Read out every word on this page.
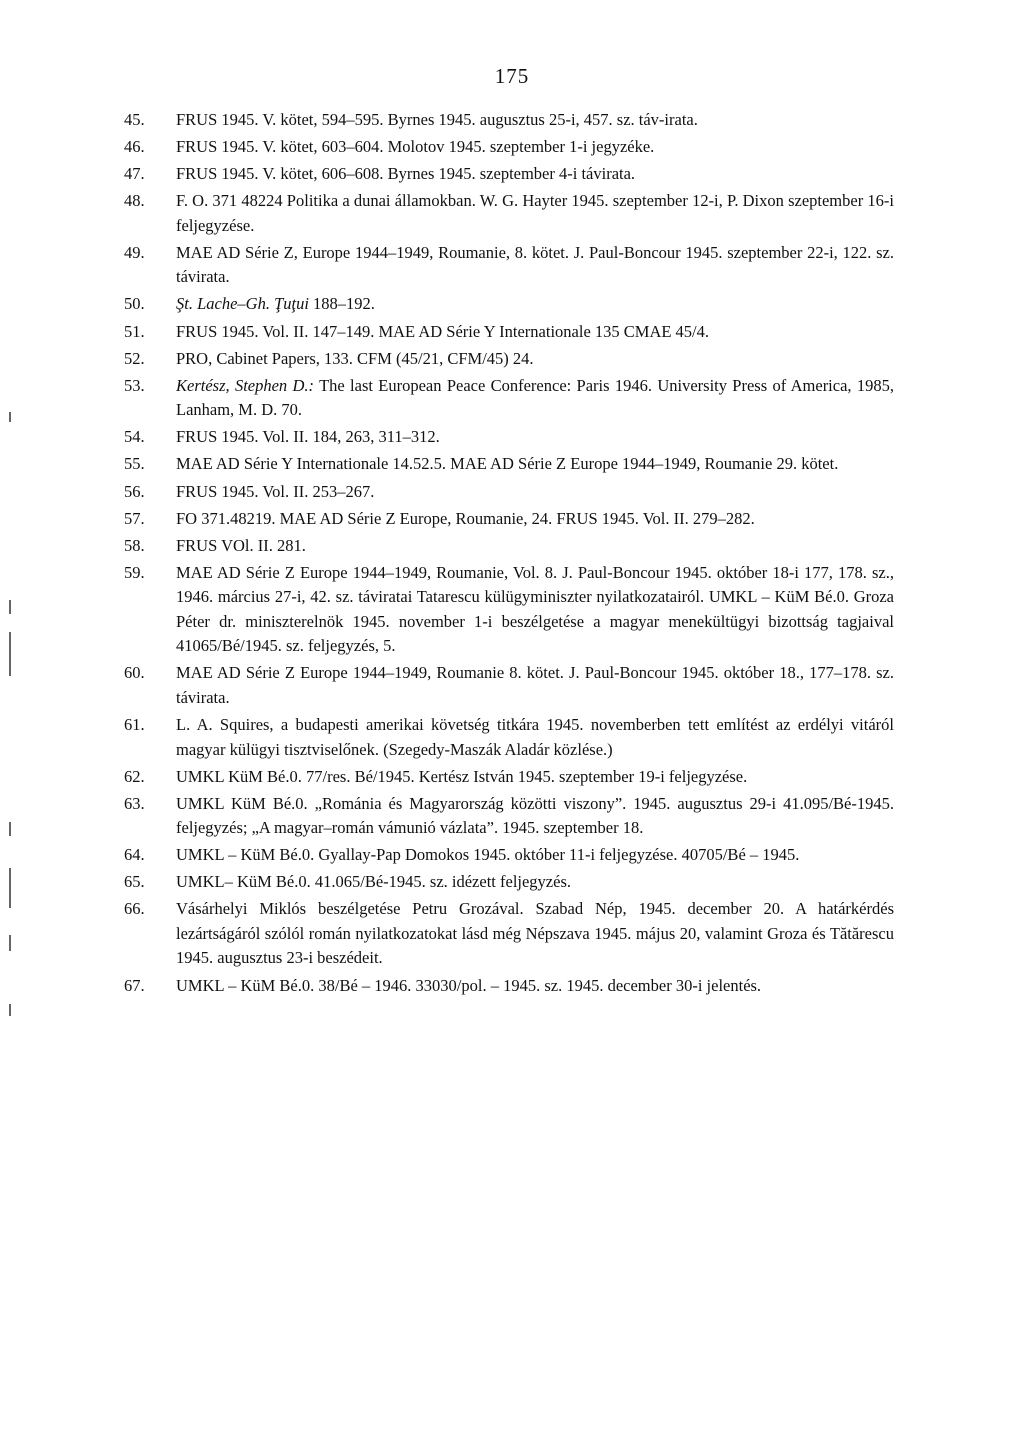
175
45. FRUS 1945. V. kötet, 594–595. Byrnes 1945. augusztus 25-i, 457. sz. táv-irata.
46. FRUS 1945. V. kötet, 603–604. Molotov 1945. szeptember 1-i jegyzéke.
47. FRUS 1945. V. kötet, 606–608. Byrnes 1945. szeptember 4-i távirata.
48. F. O. 371 48224 Politika a dunai államokban. W. G. Hayter 1945. szeptember 12-i, P. Dixon szeptember 16-i feljegyzése.
49. MAE AD Série Z, Europe 1944–1949, Roumanie, 8. kötet. J. Paul-Boncour 1945. szeptember 22-i, 122. sz. távirata.
50. Şt. Lache–Gh. Ţuţui 188–192.
51. FRUS 1945. Vol. II. 147–149. MAE AD Série Y Internationale 135 CMAE 45/4.
52. PRO, Cabinet Papers, 133. CFM (45/21, CFM/45) 24.
53. Kertész, Stephen D.: The last European Peace Conference: Paris 1946. University Press of America, 1985, Lanham, M. D. 70.
54. FRUS 1945. Vol. II. 184, 263, 311–312.
55. MAE AD Série Y Internationale 14.52.5. MAE AD Série Z Europe 1944–1949, Roumanie 29. kötet.
56. FRUS 1945. Vol. II. 253–267.
57. FO 371.48219. MAE AD Série Z Europe, Roumanie, 24. FRUS 1945. Vol. II. 279–282.
58. FRUS VOl. II. 281.
59. MAE AD Série Z Europe 1944–1949, Roumanie, Vol. 8. J. Paul-Boncour 1945. október 18-i 177, 178. sz., 1946. március 27-i, 42. sz. táviratai Tatarescu külügyminiszter nyilatkozatairól. UMKL – KüM Bé.0. Groza Péter dr. miniszterelnök 1945. november 1-i beszélgetése a magyar menekültügyi bizottság tagjaival 41065/Bé/1945. sz. feljegyzés, 5.
60. MAE AD Série Z Europe 1944–1949, Roumanie 8. kötet. J. Paul-Boncour 1945. október 18., 177–178. sz. távirata.
61. L. A. Squires, a budapesti amerikai követség titkára 1945. novemberben tett említést az erdélyi vitáról magyar külügyi tisztviselőnek. (Szegedy-Maszák Aladár közlése.)
62. UMKL KüM Bé.0. 77/res. Bé/1945. Kertész István 1945. szeptember 19-i feljegyzése.
63. UMKL KüM Bé.0. „Románia és Magyarország közötti viszony”. 1945. augusztus 29-i 41.095/Bé-1945. feljegyzés; „A magyar–román vámunió vázlata”. 1945. szeptember 18.
64. UMKL – KüM Bé.0. Gyallay-Pap Domokos 1945. október 11-i feljegyzése. 40705/Bé – 1945.
65. UMKL– KüM Bé.0. 41.065/Bé-1945. sz. idézett feljegyzés.
66. Vásárhelyi Miklós beszélgetése Petru Grozával. Szabad Nép, 1945. december 20. A határkérdés lezártságáról szólól román nyilatkozatokat lásd még Népszava 1945. május 20, valamint Groza és Tătărescu 1945. augusztus 23-i beszédeit.
67. UMKL – KüM Bé.0. 38/Bé – 1946. 33030/pol. – 1945. sz. 1945. december 30-i jelentés.
